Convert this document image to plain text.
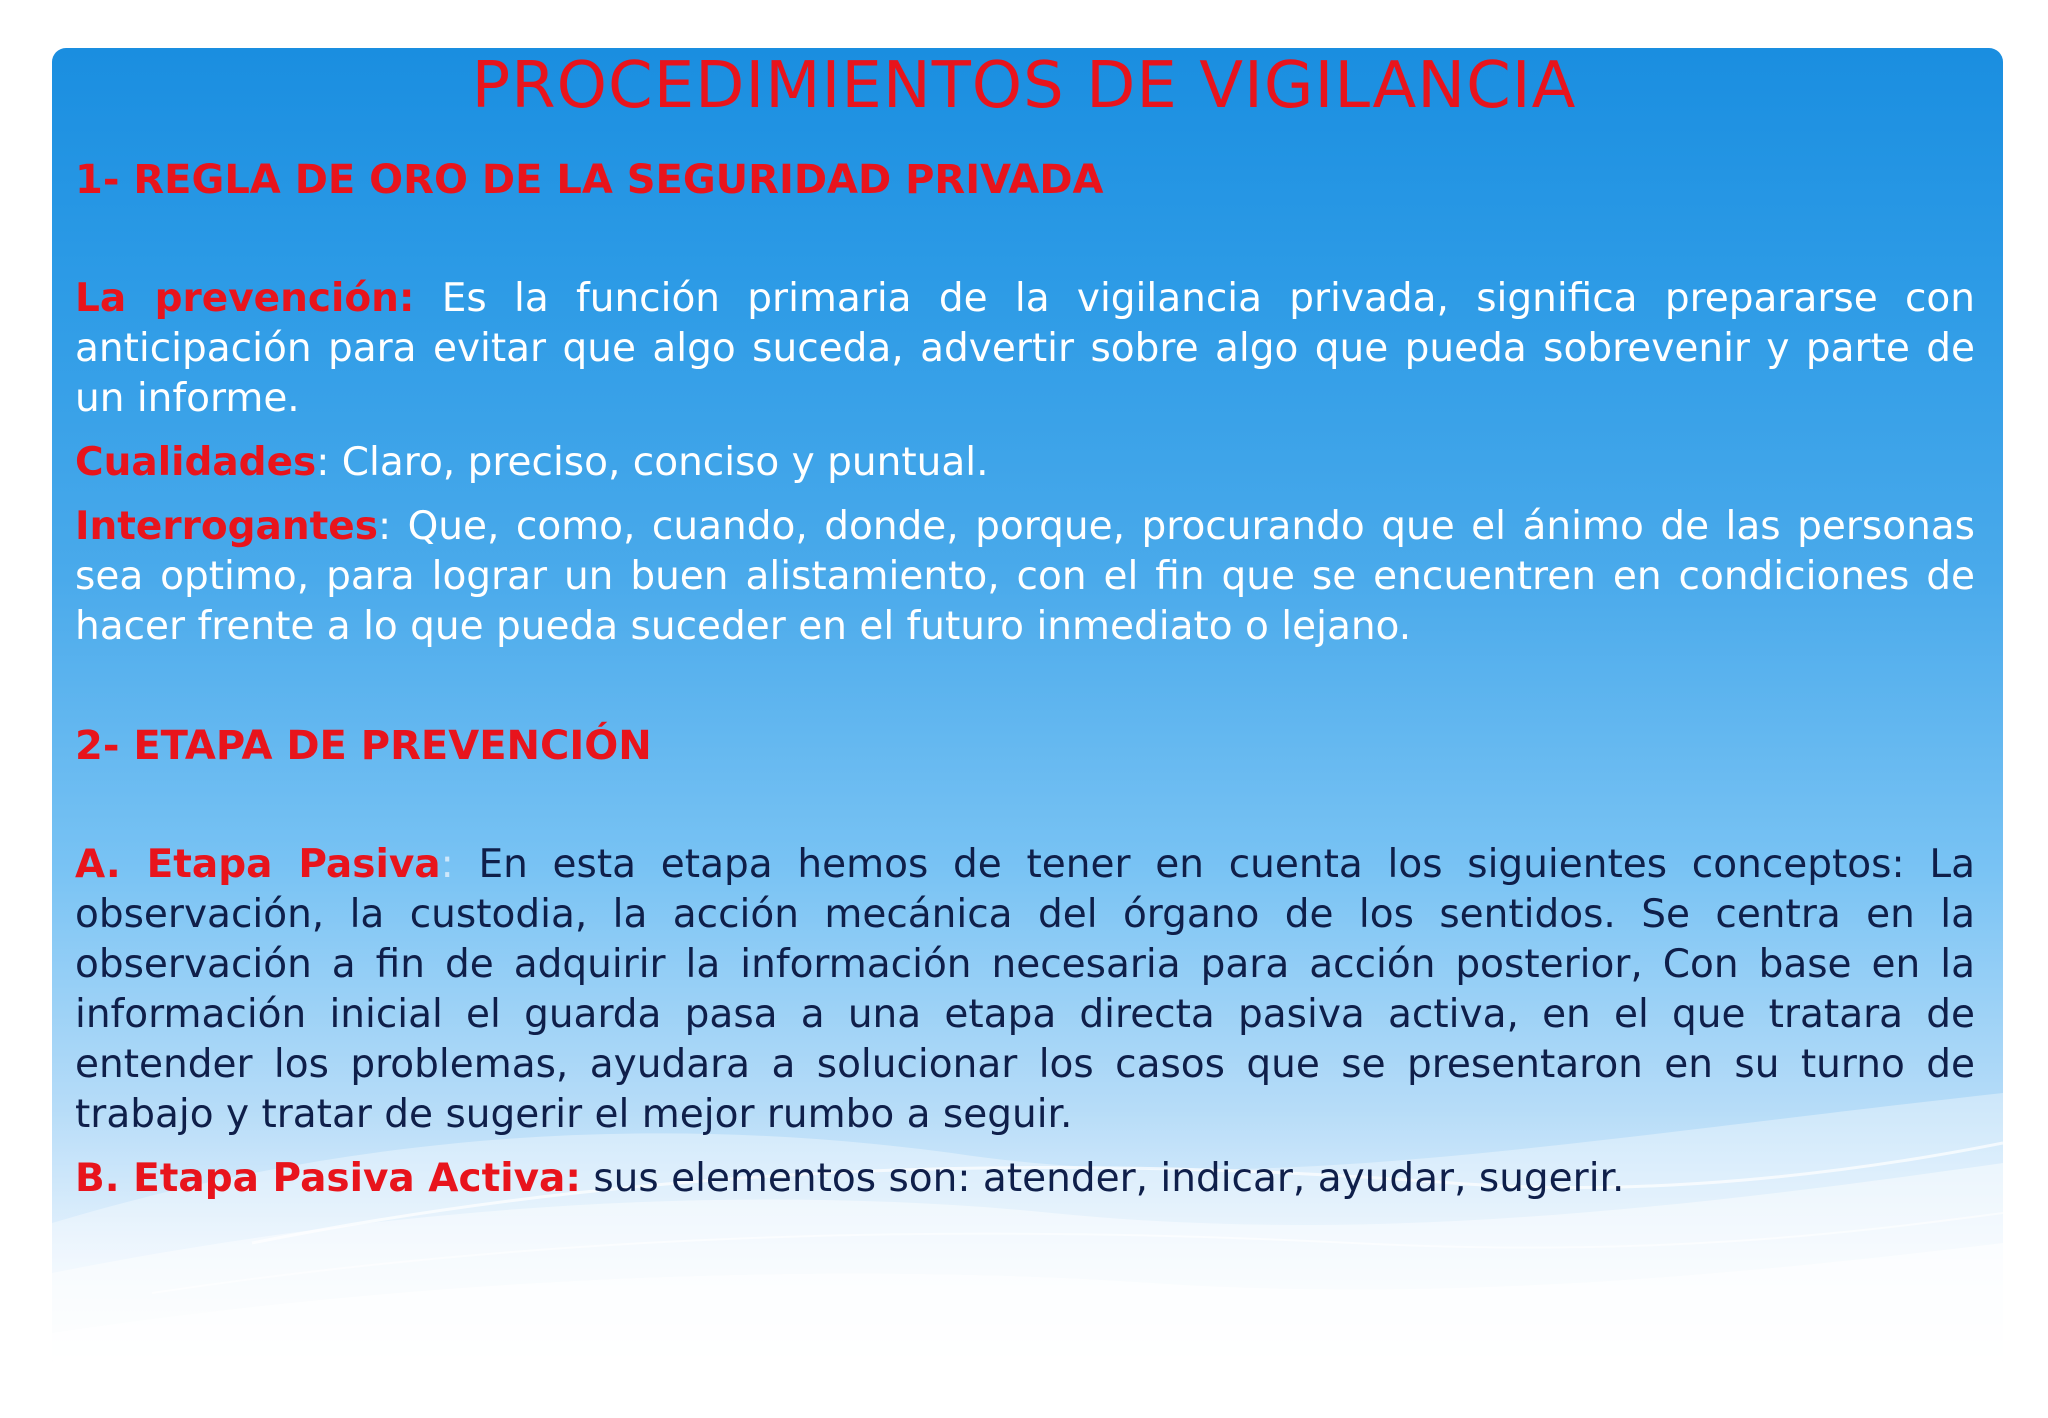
PROCEDIMIENTOS DE VIGILANCIA

1- REGLA DE ORO DE LA SEGURIDAD PRIVADA

La prevención: Es la función primaria de la vigilancia privada, significa prepararse con anticipación para evitar que algo suceda, advertir sobre algo que pueda sobrevenir y parte de un informe.

Cualidades: Claro, preciso, conciso y puntual.

Interrogantes: Que, como, cuando, donde, porque, procurando que el ánimo de las personas sea optimo, para lograr un buen alistamiento, con el fin que se encuentren en condiciones de hacer frente a lo que pueda suceder en el futuro inmediato o lejano.

2- ETAPA DE PREVENCIÓN

A. Etapa Pasiva: En esta etapa hemos de tener en cuenta los siguientes conceptos: La observación, la custodia, la acción mecánica del órgano de los sentidos. Se centra en la observación a fin de adquirir la información necesaria para acción posterior, Con base en la información inicial el guarda pasa a una etapa directa pasiva activa, en el que tratara de entender los problemas, ayudara a solucionar los casos que se presentaron en su turno de trabajo y tratar de sugerir el mejor rumbo a seguir.

B. Etapa Pasiva Activa: sus elementos son: atender, indicar, ayudar, sugerir.
